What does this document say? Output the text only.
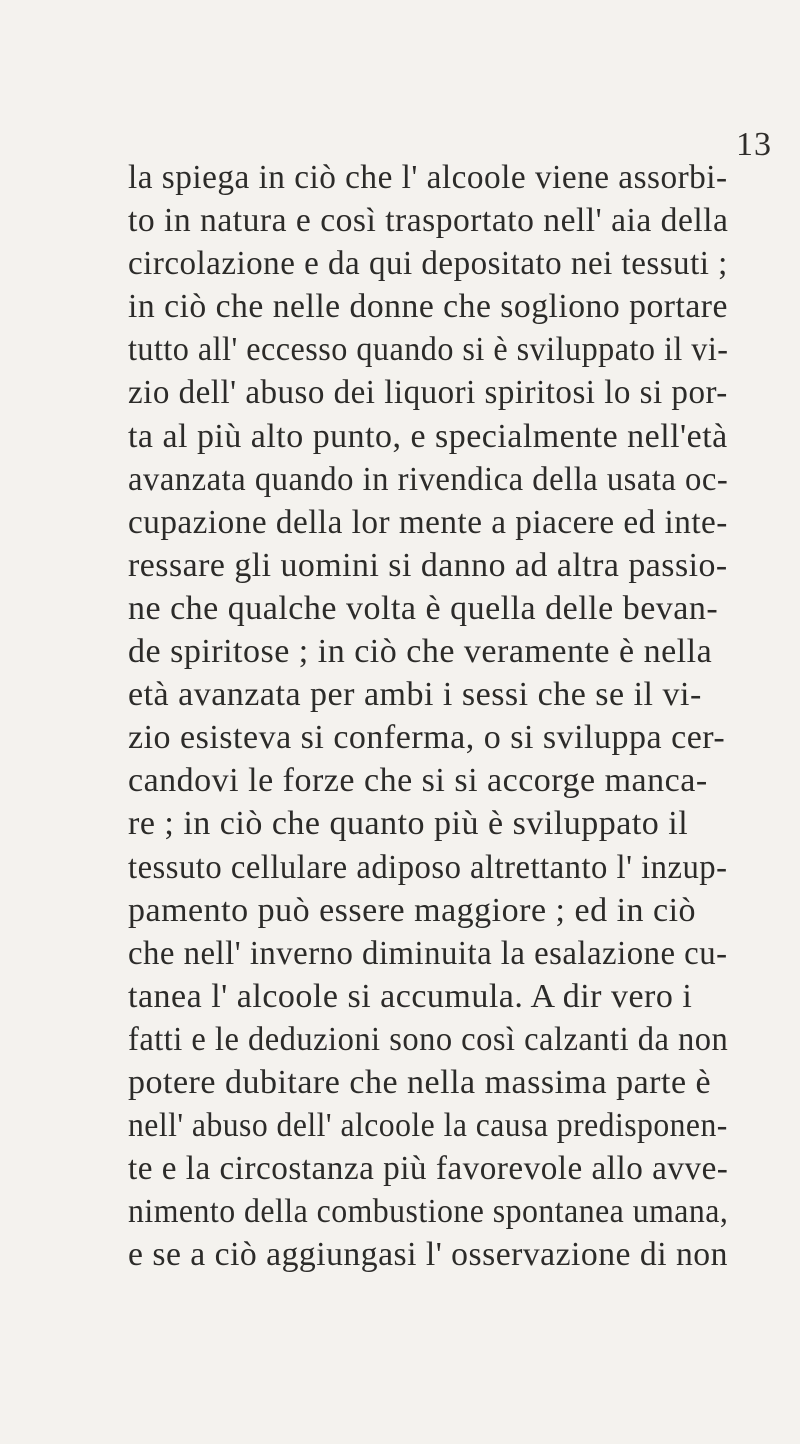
13
la spiega in ciò che l' alcoole viene assorbi-
to in natura e così trasportato nell' aia della
circolazione e da qui depositato nei tessuti ;
in ciò che nelle donne che sogliono portare
tutto all' eccesso quando si è sviluppato il vi-
zio dell' abuso dei liquori spiritosi lo si por-
ta al più alto punto, e specialmente nell'età
avanzata quando in rivendica della usata oc-
cupazione della lor mente a piacere ed inte-
ressare gli uomini si danno ad altra passio-
ne che qualche volta è quella delle bevan-
de spiritose ; in ciò che veramente è nella
età avanzata per ambi i sessi che se il vi-
zio esisteva si conferma, o si sviluppa cer-
candovi le forze che si si accorge manca-
re ; in ciò che quanto più è sviluppato il
tessuto cellulare adiposo altrettanto l' inzup-
pamento può essere maggiore ; ed in ciò
che nell' inverno diminuita la esalazione cu-
tanea l' alcoole si accumula. A dir vero i
fatti e le deduzioni sono così calzanti da non
potere dubitare che nella massima parte è
nell' abuso dell' alcoole la causa predisponen-
te e la circostanza più favorevole allo avve-
nimento della combustione spontanea umana,
e se a ciò aggiungasi l' osservazione di non
